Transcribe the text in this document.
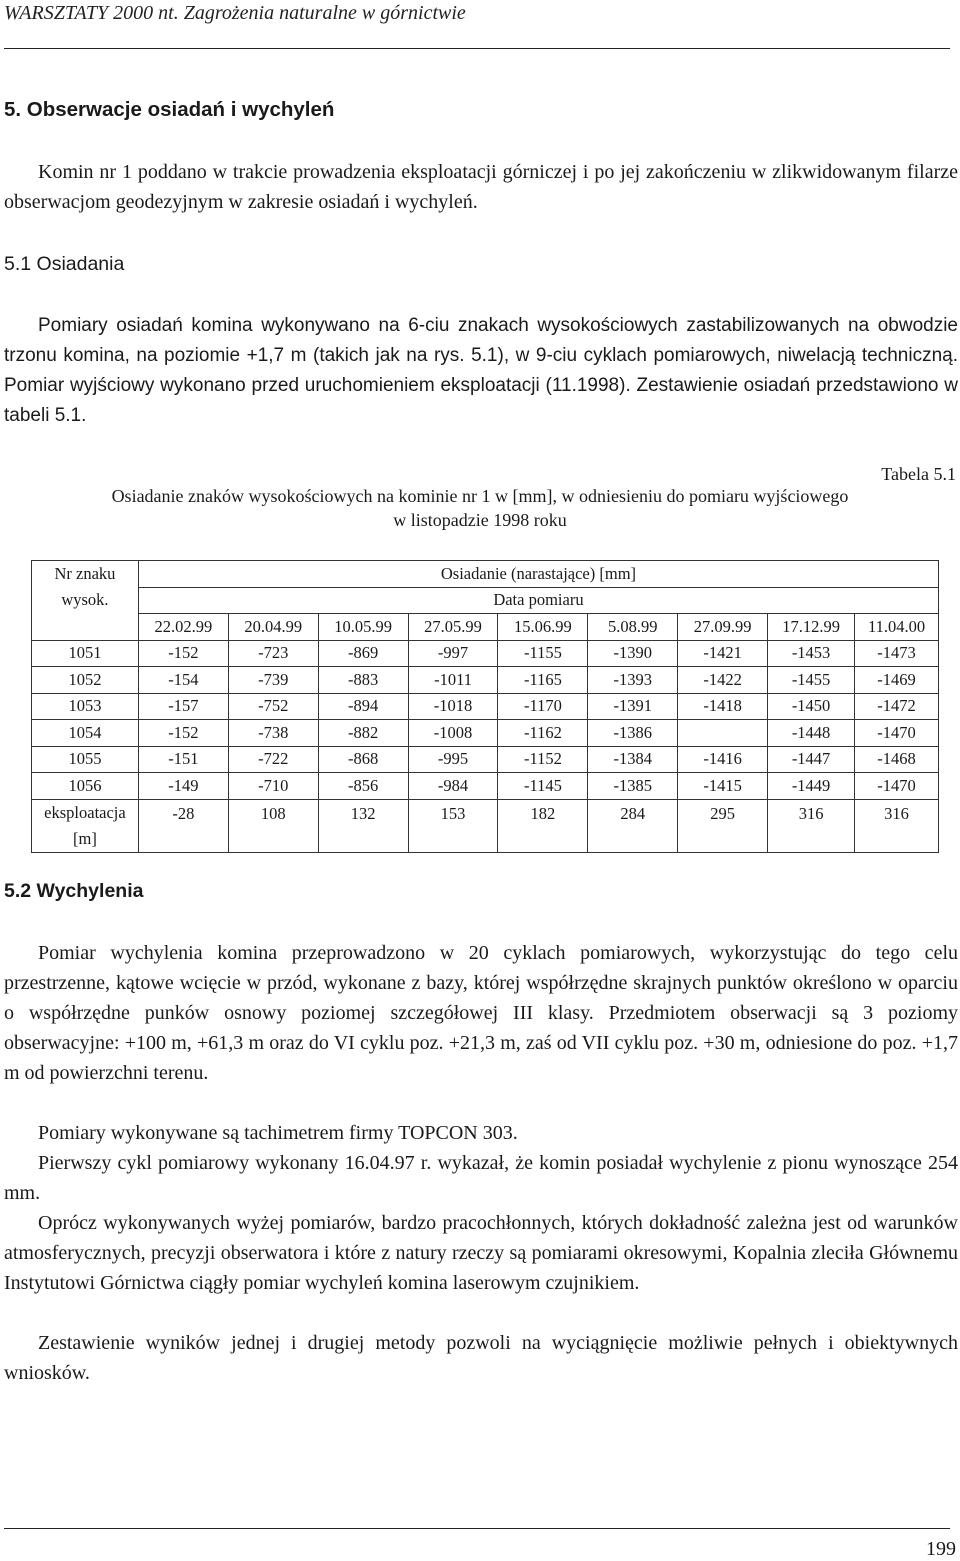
WARSZTATY 2000 nt. Zagrożenia naturalne w górnictwie
5. Obserwacje osiadań i wychyleń
Komin nr 1 poddano w trakcie prowadzenia eksploatacji górniczej i po jej zakończeniu w zlikwidowanym filarze obserwacjom geodezyjnym w zakresie osiadań i wychyleń.
5.1 Osiadania
Pomiary osiadań komina wykonywano na 6-ciu znakach wysokościowych zastabilizowanych na obwodzie trzonu komina, na poziomie +1,7 m (takich jak na rys. 5.1), w 9-ciu cyklach pomiarowych, niwelacją techniczną. Pomiar wyjściowy wykonano przed uruchomieniem eksploatacji (11.1998). Zestawienie osiadań przedstawiono w tabeli 5.1.
Tabela 5.1
Osiadanie znaków wysokościowych na kominie nr 1 w [mm], w odniesieniu do pomiaru wyjściowego
w listopadzie 1998 roku
Nr znaku	Osiadanie (narastające) [mm]								
wysok.	Data pomiaru								
	22.02.99	20.04.99	10.05.99	27.05.99	15.06.99	5.08.99	27.09.99	17.12.99	11.04.00
1051	-152	-723	-869	-997	-1155	-1390	-1421	-1453	-1473
1052	-154	-739	-883	-1011	-1165	-1393	-1422	-1455	-1469
1053	-157	-752	-894	-1018	-1170	-1391	-1418	-1450	-1472
1054	-152	-738	-882	-1008	-1162	-1386		-1448	-1470
1055	-151	-722	-868	-995	-1152	-1384	-1416	-1447	-1468
1056	-149	-710	-856	-984	-1145	-1385	-1415	-1449	-1470
eksploatacja
[m]	-28	108	132	153	182	284	295	316	316
5.2 Wychylenia
Pomiar wychylenia komina przeprowadzono w 20 cyklach pomiarowych, wykorzystując do tego celu przestrzenne, kątowe wcięcie w przód, wykonane z bazy, której współrzędne skrajnych punktów określono w oparciu o współrzędne punków osnowy poziomej szczegółowej III klasy. Przedmiotem obserwacji są 3 poziomy obserwacyjne: +100 m, +61,3 m oraz do VI cyklu poz. +21,3 m, zaś od VII cyklu poz. +30 m, odniesione do poz. +1,7 m od powierzchni terenu.
Pomiary wykonywane są tachimetrem firmy TOPCON 303.
Pierwszy cykl pomiarowy wykonany 16.04.97 r. wykazał, że komin posiadał wychylenie z pionu wynoszące 254 mm.
Oprócz wykonywanych wyżej pomiarów, bardzo pracochłonnych, których dokładność zależna jest od warunków atmosferycznych, precyzji obserwatora i które z natury rzeczy są pomiarami okresowymi, Kopalnia zleciła Głównemu Instytutowi Górnictwa ciągły pomiar wychyleń komina laserowym czujnikiem.
Zestawienie wyników jednej i drugiej metody pozwoli na wyciągnięcie możliwie pełnych i obiektywnych wniosków.
199
